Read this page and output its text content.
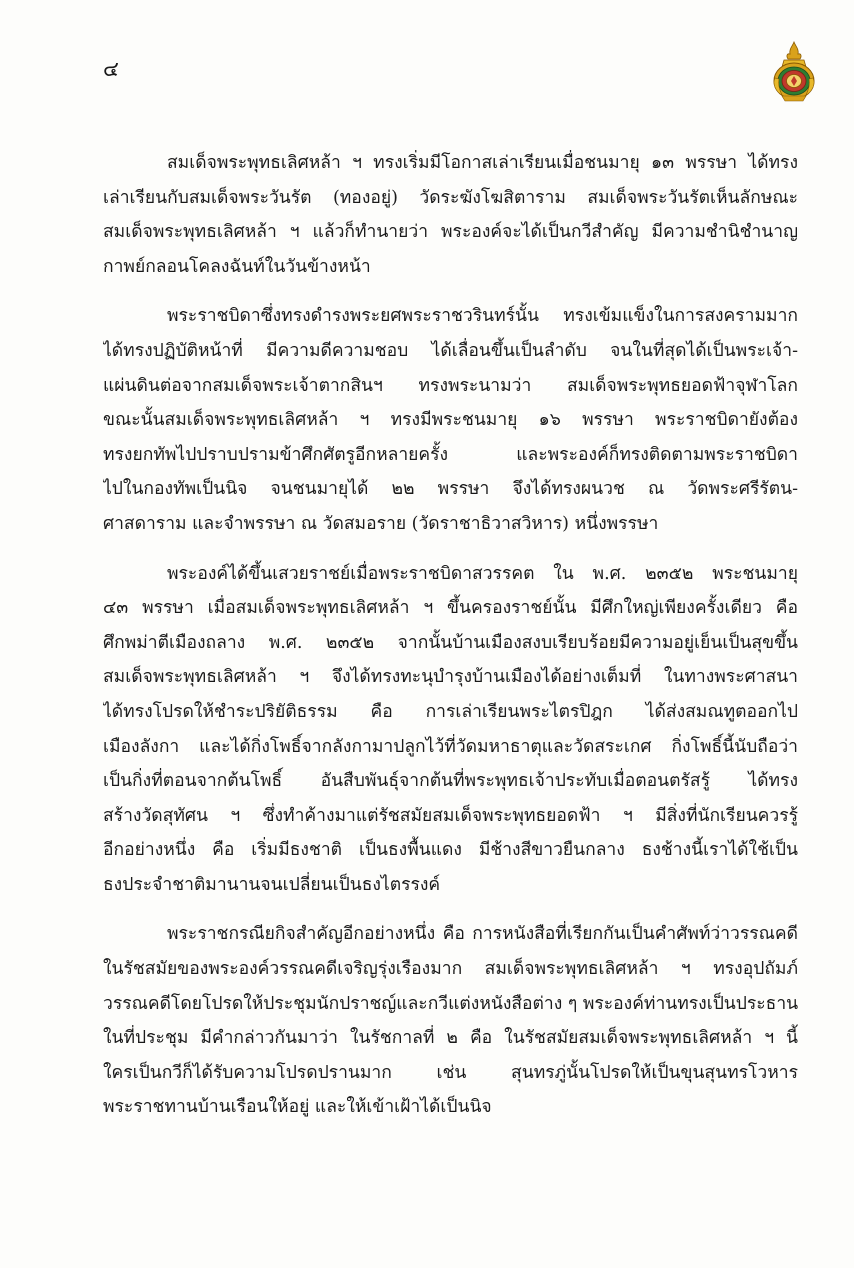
๔
สมเด็จพระพุทธเลิศหล้า ฯ ทรงเริ่มมีโอกาสเล่าเรียนเมื่อชนมายุ ๑๓ พรรษา ได้ทรง
เล่าเรียนกับสมเด็จพระวันรัต (ทองอยู่) วัดระฆังโฆสิตาราม สมเด็จพระวันรัตเห็นลักษณะ
สมเด็จพระพุทธเลิศหล้า ฯ แล้วก็ทำนายว่า พระองค์จะได้เป็นกวีสำคัญ มีความชำนิชำนาญ
กาพย์กลอนโคลงฉันท์ในวันข้างหน้า
พระราชบิดาซึ่งทรงดำรงพระยศพระราชวรินทร์นั้น ทรงเข้มแข็งในการสงครามมาก
ได้ทรงปฏิบัติหน้าที่ มีความดีความชอบ ได้เลื่อนขึ้นเป็นลำดับ จนในที่สุดได้เป็นพระเจ้า-
แผ่นดินต่อจากสมเด็จพระเจ้าตากสินฯ ทรงพระนามว่า สมเด็จพระพุทธยอดฟ้าจุฬาโลก
ขณะนั้นสมเด็จพระพุทธเลิศหล้า ฯ ทรงมีพระชนมายุ ๑๖ พรรษา พระราชบิดายังต้อง
ทรงยกทัพไปปราบปรามข้าศึกศัตรูอีกหลายครั้ง และพระองค์ก็ทรงติดตามพระราชบิดา
ไปในกองทัพเป็นนิจ จนชนมายุได้ ๒๒ พรรษา จึงได้ทรงผนวช ณ วัดพระศรีรัตน-
ศาสดาราม และจำพรรษา ณ วัดสมอราย (วัดราชาธิวาสวิหาร) หนึ่งพรรษา
พระองค์ได้ขึ้นเสวยราชย์เมื่อพระราชบิดาสวรรคต ใน พ.ศ. ๒๓๕๒ พระชนมายุ
๔๓ พรรษา เมื่อสมเด็จพระพุทธเลิศหล้า ฯ ขึ้นครองราชย์นั้น มีศึกใหญ่เพียงครั้งเดียว คือ
ศึกพม่าตีเมืองถลาง พ.ศ. ๒๓๕๒ จากนั้นบ้านเมืองสงบเรียบร้อยมีความอยู่เย็นเป็นสุขขึ้น
สมเด็จพระพุทธเลิศหล้า ฯ จึงได้ทรงทะนุบำรุงบ้านเมืองได้อย่างเต็มที่ ในทางพระศาสนา
ได้ทรงโปรดให้ชำระปริยัติธรรม คือ การเล่าเรียนพระไตรปิฎก ได้ส่งสมณทูตออกไป
เมืองลังกา และได้กิ่งโพธิ์จากลังกามาปลูกไว้ที่วัดมหาธาตุและวัดสระเกศ กิ่งโพธิ์นี้นับถือว่า
เป็นกิ่งที่ตอนจากต้นโพธิ์ อันสืบพันธุ์จากต้นที่พระพุทธเจ้าประทับเมื่อตอนตรัสรู้ ได้ทรง
สร้างวัดสุทัศน ฯ ซึ่งทำค้างมาแต่รัชสมัยสมเด็จพระพุทธยอดฟ้า ฯ มีสิ่งที่นักเรียนควรรู้
อีกอย่างหนึ่ง คือ เริ่มมีธงชาติ เป็นธงพื้นแดง มีช้างสีขาวยืนกลาง ธงช้างนี้เราได้ใช้เป็น
ธงประจำชาติมานานจนเปลี่ยนเป็นธงไตรรงค์
พระราชกรณียกิจสำคัญอีกอย่างหนึ่ง คือ การหนังสือที่เรียกกันเป็นคำศัพท์ว่าวรรณคดี
ในรัชสมัยของพระองค์วรรณคดีเจริญรุ่งเรืองมาก สมเด็จพระพุทธเลิศหล้า ฯ ทรงอุปถัมภ์
วรรณคดีโดยโปรดให้ประชุมนักปราชญ์และกวีแต่งหนังสือต่าง ๆ พระองค์ท่านทรงเป็นประธาน
ในที่ประชุม มีคำกล่าวกันมาว่า ในรัชกาลที่ ๒ คือ ในรัชสมัยสมเด็จพระพุทธเลิศหล้า ฯ นี้
ใครเป็นกวีก็ได้รับความโปรดปรานมาก เช่น สุนทรภู่นั้นโปรดให้เป็นขุนสุนทรโวหาร
พระราชทานบ้านเรือนให้อยู่ และให้เข้าเฝ้าได้เป็นนิจ
